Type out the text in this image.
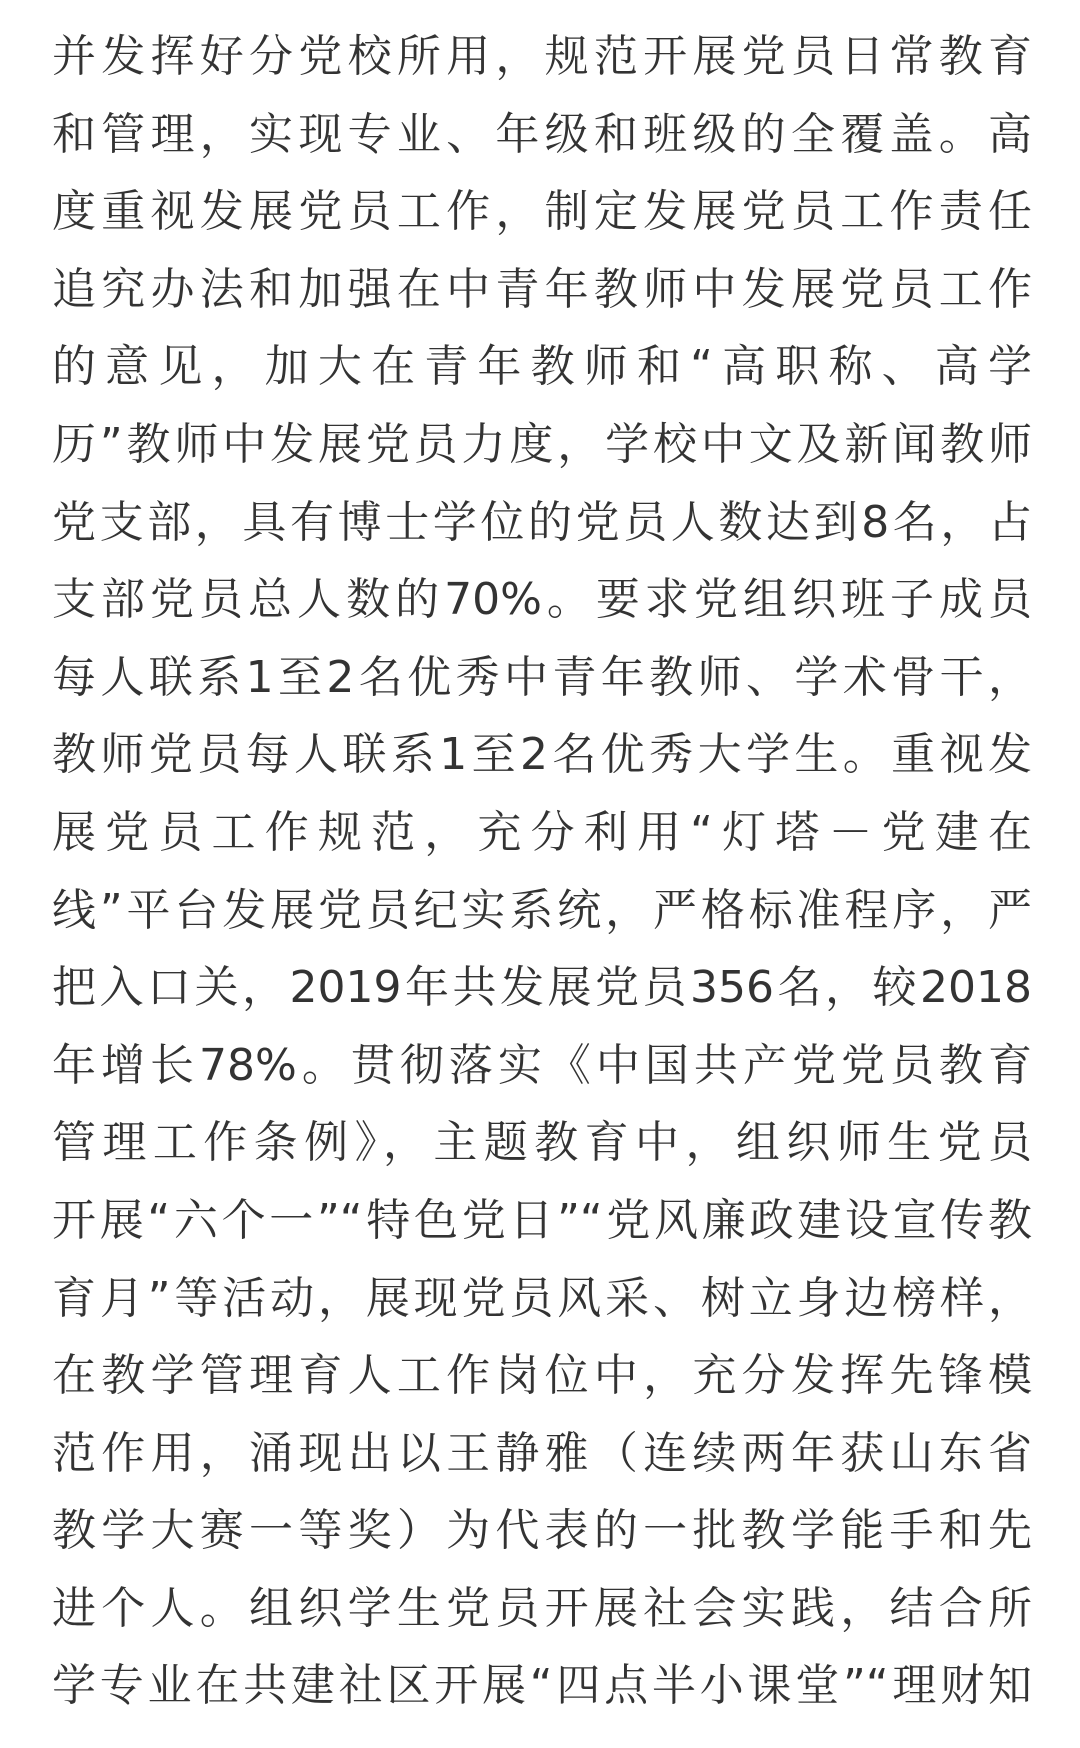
并发挥好分党校所用，规范开展党员日常教育
和管理，实现专业、年级和班级的全覆盖。高
度重视发展党员工作，制定发展党员工作责任
追究办法和加强在中青年教师中发展党员工作
的意见，加大在青年教师和“高职称、高学
历”教师中发展党员力度，学校中文及新闻教师
党支部，具有博士学位的党员人数达到8名，占
支部党员总人数的70%。要求党组织班子成员
每人联系1至2名优秀中青年教师、学术骨干，
教师党员每人联系1至2名优秀大学生。重视发
展党员工作规范，充分利用“灯塔－党建在
线”平台发展党员纪实系统，严格标准程序，严
把入口关，2019年共发展党员356名，较2018
年增长78%。贯彻落实《中国共产党党员教育
管理工作条例》，主题教育中，组织师生党员
开展“六个一”“特色党日”“党风廉政建设宣传教
育月”等活动，展现党员风采、树立身边榜样，
在教学管理育人工作岗位中，充分发挥先锋模
范作用，涌现出以王静雅（连续两年获山东省
教学大赛一等奖）为代表的一批教学能手和先
进个人。组织学生党员开展社会实践，结合所
学专业在共建社区开展“四点半小课堂”“理财知
